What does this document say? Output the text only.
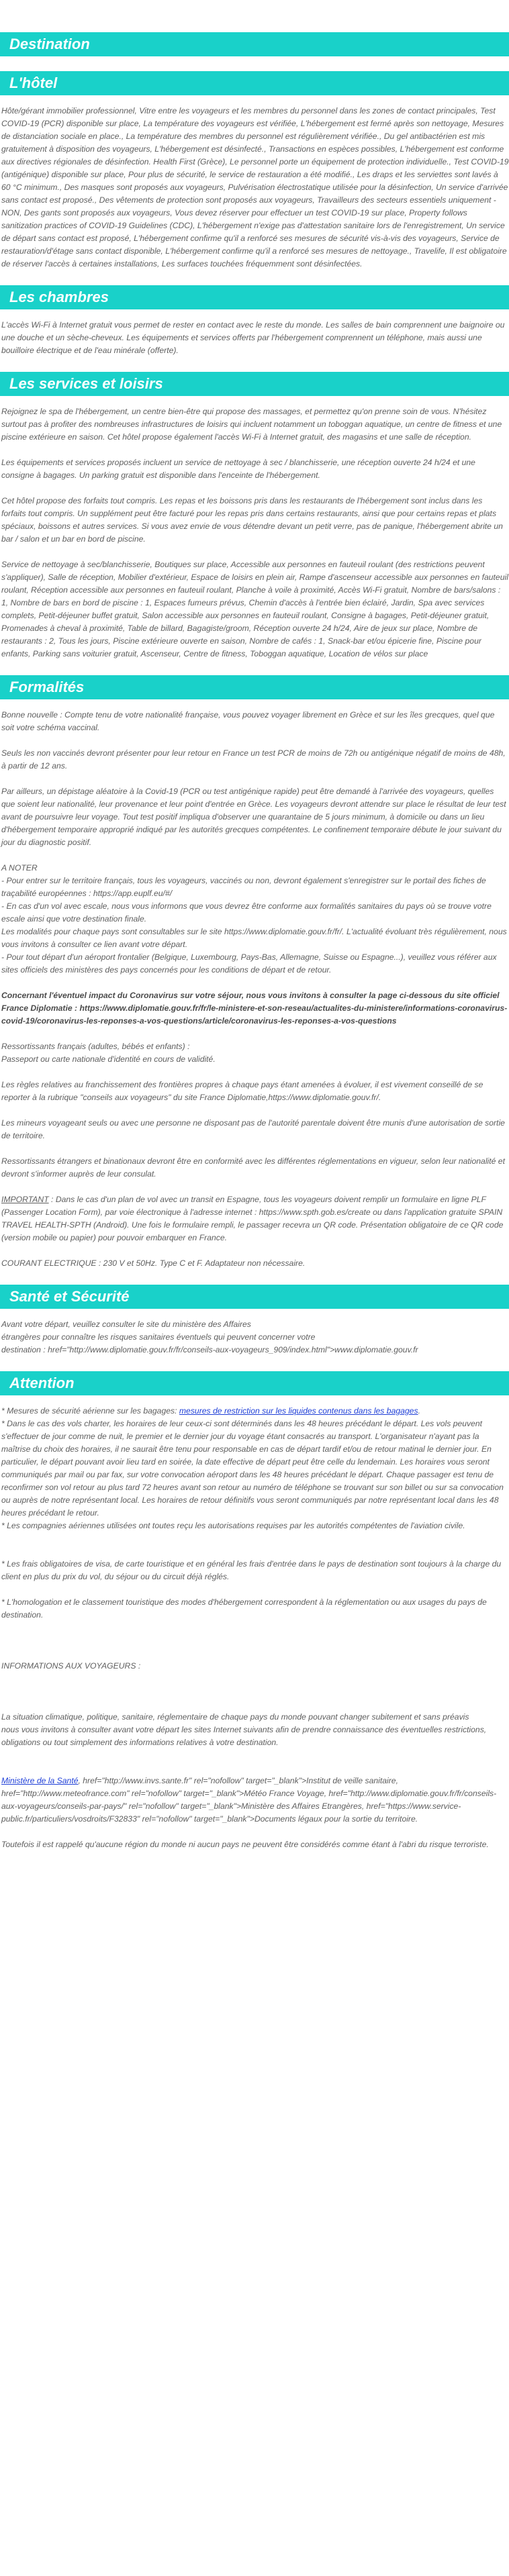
Destination
L'hôtel

Hôte/gérant immobilier professionnel, Vitre entre les voyageurs et les membres du personnel dans les zones de contact principales, Test COVID-19 (PCR) disponible sur place, La température des voyageurs est vérifiée, L'hébergement est fermé après son nettoyage, Mesures de distanciation sociale en place., La température des membres du personnel est régulièrement vérifiée., Du gel antibactérien est mis gratuitement à disposition des voyageurs, L'hébergement est désinfecté., Transactions en espèces possibles, L'hébergement est conforme aux directives régionales de désinfection. Health First (Grèce), Le personnel porte un équipement de protection individuelle., Test COVID-19 (antigénique) disponible sur place, Pour plus de sécurité, le service de restauration a été modifié., Les draps et les serviettes sont lavés à 60 °C minimum., Des masques sont proposés aux voyageurs, Pulvérisation électrostatique utilisée pour la désinfection, Un service d'arrivée sans contact est proposé., Des vêtements de protection sont proposés aux voyageurs, Travailleurs des secteurs essentiels uniquement - NON, Des gants sont proposés aux voyageurs, Vous devez réserver pour effectuer un test COVID-19 sur place, Property follows sanitization practices of COVID-19 Guidelines (CDC), L'hébergement n'exige pas d'attestation sanitaire lors de l'enregistrement, Un service de départ sans contact est proposé, L'hébergement confirme qu'il a renforcé ses mesures de sécurité vis-à-vis des voyageurs, Service de restauration/d'étage sans contact disponible, L'hébergement confirme qu'il a renforcé ses mesures de nettoyage., Travelife, Il est obligatoire de réserver l'accès à certaines installations, Les surfaces touchées fréquemment sont désinfectées.

Les chambres

L'accès Wi-Fi à Internet gratuit vous permet de rester en contact avec le reste du monde. Les salles de bain comprennent une baignoire ou une douche et un sèche-cheveux. Les équipements et services offerts par l'hébergement comprennent un téléphone, mais aussi une bouilloire électrique et de l'eau minérale (offerte).

Les services et loisirs

Rejoignez le spa de l'hébergement, un centre bien-être qui propose des massages, et permettez qu'on prenne soin de vous. N'hésitez surtout pas à profiter des nombreuses infrastructures de loisirs qui incluent notamment un toboggan aquatique, un centre de fitness et une piscine extérieure en saison. Cet hôtel propose également l'accès Wi-Fi à Internet gratuit, des magasins et une salle de réception.

Les équipements et services proposés incluent un service de nettoyage à sec / blanchisserie, une réception ouverte 24 h/24 et une consigne à bagages. Un parking gratuit est disponible dans l'enceinte de l'hébergement.

Cet hôtel propose des forfaits tout compris. Les repas et les boissons pris dans les restaurants de l'hébergement sont inclus dans les forfaits tout compris. Un supplément peut être facturé pour les repas pris dans certains restaurants, ainsi que pour certains repas et plats spéciaux, boissons et autres services. Si vous avez envie de vous détendre devant un petit verre, pas de panique, l'hébergement abrite un bar / salon et un bar en bord de piscine.

Service de nettoyage à sec/blanchisserie, Boutiques sur place, Accessible aux personnes en fauteuil roulant (des restrictions peuvent s'appliquer), Salle de réception, Mobilier d'extérieur, Espace de loisirs en plein air, Rampe d'ascenseur accessible aux personnes en fauteuil roulant, Réception accessible aux personnes en fauteuil roulant, Planche à voile à proximité, Accès Wi-Fi gratuit, Nombre de bars/salons : 1, Nombre de bars en bord de piscine : 1, Espaces fumeurs prévus, Chemin d'accès à l'entrée bien éclairé, Jardin, Spa avec services complets, Petit-déjeuner buffet gratuit, Salon accessible aux personnes en fauteuil roulant, Consigne à bagages, Petit-déjeuner gratuit, Promenades à cheval à proximité, Table de billard, Bagagiste/groom, Réception ouverte 24 h/24, Aire de jeux sur place, Nombre de restaurants : 2, Tous les jours, Piscine extérieure ouverte en saison, Nombre de cafés : 1, Snack-bar et/ou épicerie fine, Piscine pour enfants, Parking sans voiturier gratuit, Ascenseur, Centre de fitness, Toboggan aquatique, Location de vélos sur place

Formalités

Bonne nouvelle : Compte tenu de votre nationalité française, vous pouvez voyager librement en Grèce et sur les îles grecques, quel que soit votre schéma vaccinal.

Seuls les non vaccinés devront présenter pour leur retour en France un test PCR de moins de 72h ou antigénique négatif de moins de 48h, à partir de 12 ans.

Par ailleurs, un dépistage aléatoire à la Covid-19 (PCR ou test antigénique rapide) peut être demandé à l'arrivée des voyageurs, quelles que soient leur nationalité, leur provenance et leur point d'entrée en Grèce. Les voyageurs devront attendre sur place le résultat de leur test avant de poursuivre leur voyage. Tout test positif impliqua d'observer une quarantaine de 5 jours minimum, à domicile ou dans un lieu d'hébergement temporaire approprié indiqué par les autorités grecques compétentes. Le confinement temporaire débute le jour suivant du jour du diagnostic positif.

A NOTER

- Pour entrer sur le territoire français, tous les voyageurs, vaccinés ou non, devront également s'enregistrer sur le portail des fiches de traçabilité européennes : https://app.euplf.eu/#/

- En cas d'un vol avec escale, nous vous informons que vous devrez être conforme aux formalités sanitaires du pays où se trouve votre escale ainsi que votre destination finale.

Les modalités pour chaque pays sont consultables sur le site https://www.diplomatie.gouv.fr/fr/. L'actualité évoluant très régulièrement, nous vous invitons à consulter ce lien avant votre départ.

- Pour tout départ d'un aéroport frontalier (Belgique, Luxembourg, Pays-Bas, Allemagne, Suisse ou Espagne...), veuillez vous référer aux sites officiels des ministères des pays concernés pour les conditions de départ et de retour.

Concernant l'éventuel impact du Coronavirus sur votre séjour, nous vous invitons à consulter la page ci-dessous du site officiel France Diplomatie : https://www.diplomatie.gouv.fr/fr/le-ministere-et-son-reseau/actualites-du-ministere/informations-coronavirus-covid-19/coronavirus-les-reponses-a-vos-questions/article/coronavirus-les-reponses-a-vos-questions

Ressortissants français (adultes, bébés et enfants) :

Passeport ou carte nationale d'identité en cours de validité.

Les règles relatives au franchissement des frontières propres à chaque pays étant amenées à évoluer, il est vivement conseillé de se reporter à la rubrique "conseils aux voyageurs" du site France Diplomatie,https://www.diplomatie.gouv.fr/.

Les mineurs voyageant seuls ou avec une personne ne disposant pas de l'autorité parentale doivent être munis d'une autorisation de sortie de territoire.

Ressortissants étrangers et binationaux devront être en conformité avec les différentes réglementations en vigueur, selon leur nationalité et devront s'informer auprès de leur consulat.

IMPORTANT : Dans le cas d'un plan de vol avec un transit en Espagne, tous les voyageurs doivent remplir un formulaire en ligne PLF (Passenger Location Form), par voie électronique à l'adresse internet : https://www.spth.gob.es/create ou dans l'application gratuite SPAIN TRAVEL HEALTH-SPTH (Android). Une fois le formulaire rempli, le passager recevra un QR code. Présentation obligatoire de ce QR code (version mobile ou papier) pour pouvoir embarquer en France.

COURANT ELECTRIQUE : 230 V et 50Hz. Type C et F. Adaptateur non nécessaire.

Santé et Sécurité

Avant votre départ, veuillez consulter le site du ministère des Affaires

étrangères pour connaître les risques sanitaires éventuels qui peuvent concerner votre

destination : href="http://www.diplomatie.gouv.fr/fr/conseils-aux-voyageurs_909/index.html">www.diplomatie.gouv.fr

Attention

* Mesures de sécurité aérienne sur les bagages: mesures de restriction sur les liquides contenus dans les bagages.

* Dans le cas des vols charter, les horaires de leur ceux-ci sont déterminés dans les 48 heures précédant le départ. Les vols peuvent s'effectuer de jour comme de nuit, le premier et le dernier jour du voyage étant consacrés au transport. L'organisateur n'ayant pas la maîtrise du choix des horaires, il ne saurait être tenu pour responsable en cas de départ tardif et/ou de retour matinal le dernier jour. En particulier, le départ pouvant avoir lieu tard en soirée, la date effective de départ peut être celle du lendemain. Les horaires vous seront communiqués par mail ou par fax, sur votre convocation aéroport dans les 48 heures précédant le départ. Chaque passager est tenu de reconfirmer son vol retour au plus tard 72 heures avant son retour au numéro de téléphone se trouvant sur son billet ou sur sa convocation ou auprès de notre représentant local. Les horaires de retour définitifs vous seront communiqués par notre représentant local dans les 48 heures précédant le retour.

* Les compagnies aériennes utilisées ont toutes reçu les autorisations requises par les autorités compétentes de l'aviation civile.

* Les frais obligatoires de visa, de carte touristique et en général les frais d'entrée dans le pays de destination sont toujours à la charge du client en plus du prix du vol, du séjour ou du circuit déjà réglés.

* L'homologation et le classement touristique des modes d'hébergement correspondent à la réglementation ou aux usages du pays de destination.

INFORMATIONS AUX VOYAGEURS :

La situation climatique, politique, sanitaire, réglementaire de chaque pays du monde pouvant changer subitement et sans préavis

nous vous invitons à consulter avant votre départ les sites Internet suivants afin de prendre connaissance des éventuelles restrictions, obligations ou tout simplement des informations relatives à votre destination.

Ministère de la Santé, href="http://www.invs.sante.fr" rel="nofollow" target="_blank">Institut de veille sanitaire, href="http://www.meteofrance.com" rel="nofollow" target="_blank">Météo France Voyage, href="http://www.diplomatie.gouv.fr/fr/conseils-aux-voyageurs/conseils-par-pays/" rel="nofollow" target="_blank">Ministère des Affaires Etrangères, href="https://www.service-public.fr/particuliers/vosdroits/F32833" rel="nofollow" target="_blank">Documents légaux pour la sortie du territoire.

Toutefois il est rappelé qu'aucune région du monde ni aucun pays ne peuvent être considérés comme étant à l'abri du risque terroriste.
